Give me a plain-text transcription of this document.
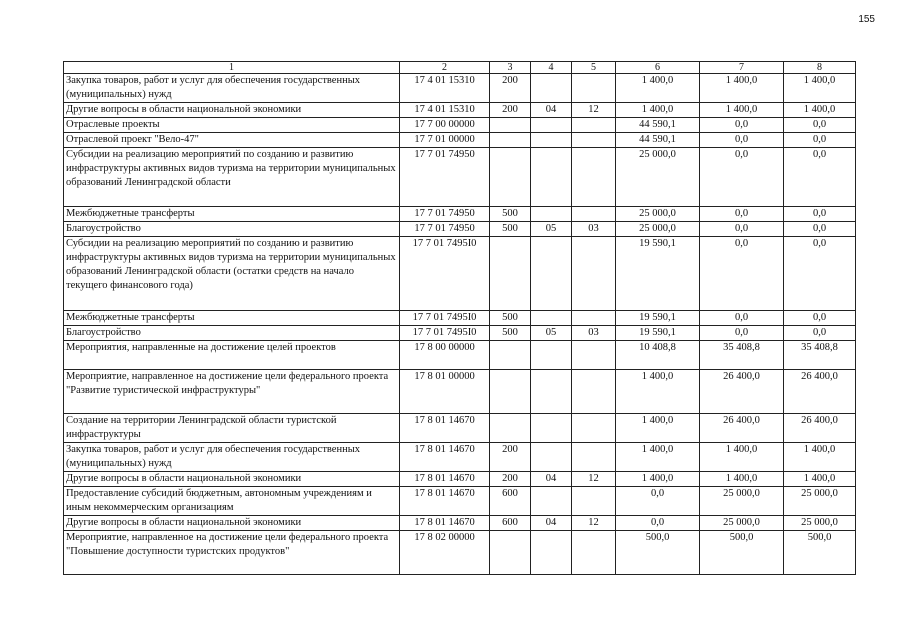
155
1	2	3	4	5	6	7	8
Закупка товаров, работ и услуг для обеспечения государственных (муниципальных) нужд	17 4 01 15310	200			1 400,0	1 400,0	1 400,0
Другие вопросы в области национальной экономики	17 4 01 15310	200	04	12	1 400,0	1 400,0	1 400,0
Отраслевые проекты	17 7 00 00000				44 590,1	0,0	0,0
Отраслевой проект "Вело-47"	17 7 01 00000				44 590,1	0,0	0,0
Субсидии на реализацию мероприятий по созданию и развитию инфраструктуры активных видов туризма на территории муниципальных образований Ленинградской области	17 7 01 74950				25 000,0	0,0	0,0
Межбюджетные трансферты	17 7 01 74950	500			25 000,0	0,0	0,0
Благоустройство	17 7 01 74950	500	05	03	25 000,0	0,0	0,0
Субсидии на реализацию мероприятий по созданию и развитию инфраструктуры активных видов туризма на территории муниципальных образований Ленинградской области (остатки средств на начало текущего финансового года)	17 7 01 7495I0				19 590,1	0,0	0,0
Межбюджетные трансферты	17 7 01 7495I0	500			19 590,1	0,0	0,0
Благоустройство	17 7 01 7495I0	500	05	03	19 590,1	0,0	0,0
Мероприятия, направленные на достижение целей проектов	17 8 00 00000				10 408,8	35 408,8	35 408,8
Мероприятие, направленное на достижение цели федерального проекта "Развитие туристической инфраструктуры"	17 8 01 00000				1 400,0	26 400,0	26 400,0
Создание на территории Ленинградской области туристской инфраструктуры	17 8 01 14670				1 400,0	26 400,0	26 400,0
Закупка товаров, работ и услуг для обеспечения государственных (муниципальных) нужд	17 8 01 14670	200			1 400,0	1 400,0	1 400,0
Другие вопросы в области национальной экономики	17 8 01 14670	200	04	12	1 400,0	1 400,0	1 400,0
Предоставление субсидий бюджетным, автономным учреждениям и иным некоммерческим организациям	17 8 01 14670	600			0,0	25 000,0	25 000,0
Другие вопросы в области национальной экономики	17 8 01 14670	600	04	12	0,0	25 000,0	25 000,0
Мероприятие, направленное на достижение цели федерального проекта "Повышение доступности туристских продуктов"	17 8 02 00000				500,0	500,0	500,0
